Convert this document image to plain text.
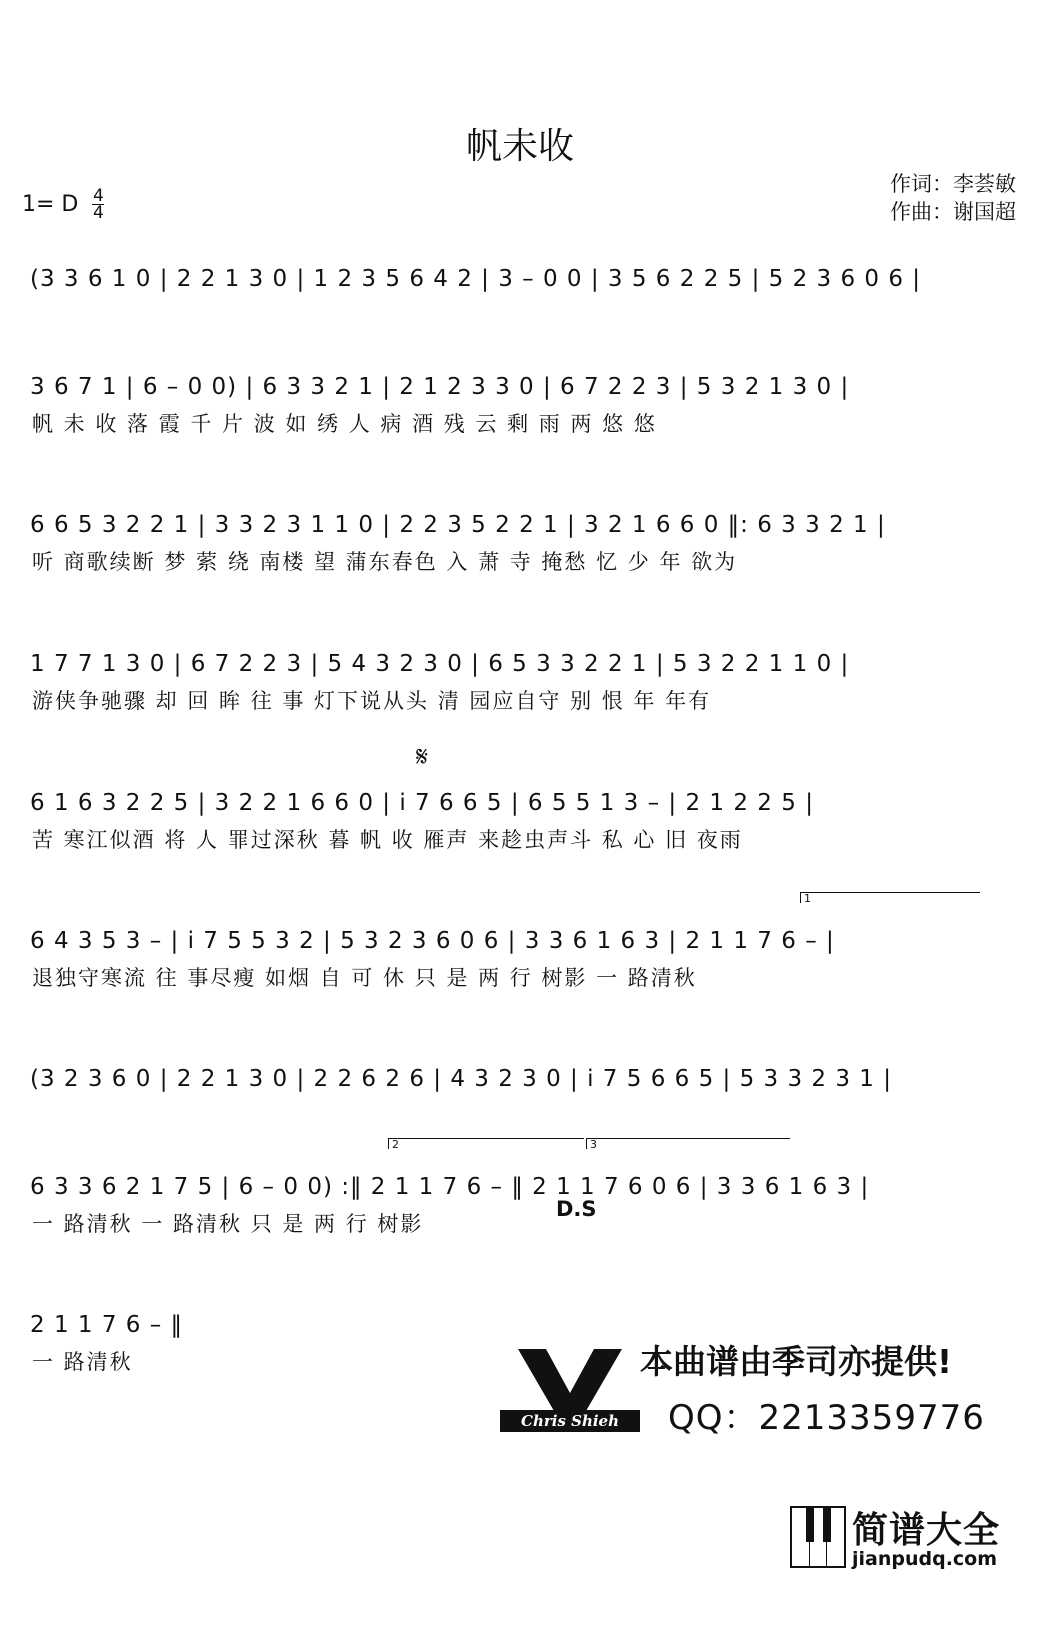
帆未收
1= D $\frac{4}{4}$
作词：李荟敏
作曲：谢国超
(3 3 6 1 0 | 2 2 1 3 0 | 1 2 3 5 6 4 2 | 3 – 0 0 | 3 5 6 2 2 5 | 5 2 3 6 0 6 |
3 6 7 1 | 6 – 0 0) | 6 3 3 2 1 | 2 1 2 3 3 0 | 6 7 2 2 3 | 5 3 2 1 3 0 |
帆 未 收 落 霞 千 片 波 如 绣 人 病 酒 残 云 剩 雨 两 悠 悠
6 6 5 3 2 2 1 | 3 3 2 3 1 1 0 | 2 2 3 5 2 2 1 | 3 2 1 6 6 0 ‖: 6 3 3 2 1 |
听 商歌续断 梦 萦 绕 南楼 望 蒲东春色 入 萧 寺 掩愁 忆 少 年 欲为
1 7 7 1 3 0 | 6 7 2 2 3 | 5 4 3 2 3 0 | 6 5 3 3 2 2 1 | 5 3 2 2 1 1 0 |
游侠争驰骤 却 回 眸 往 事 灯下说从头 清 园应自守 别 恨 年 年有
6 1 6 3 2 2 5 | 3 2 2 1 6 6 0 | i 7 6 6 5 | 6 5 5 1 3 – | 2 1 2 2 5 |
苦 寒江似酒 将 人 罪过深秋 暮 帆 收 雁声 来趁虫声斗 私 心 旧 夜雨
6 4 3 5 3 – | i 7 5 5 3 2 | 5 3 2 3 6 0 6 | 3 3 6 1 6 3 | 2 1 1 7 6 – |
退独守寒流 往 事尽瘦 如烟 自 可 休 只 是 两 行 树影 一 路清秋
(3 2 3 6 0 | 2 2 1 3 0 | 2 2 6 2 6 | 4 3 2 3 0 | i 7 5 6 6 5 | 5 3 3 2 3 1 |
6 3 3 6 2 1 7 5 | 6 – 0 0) :‖ 2 1 1 7 6 – ‖ 2 1 1 7 6 0 6 | 3 3 6 1 6 3 |
一 路清秋 一 路清秋 只 是 两 行 树影
2 1 1 7 6 – ‖
一 路清秋
𝄋
1
2	3
D.S
Chris Shieh
本曲谱由季司亦提供!
QQ：2213359776
简谱大全
jianpudq.com
